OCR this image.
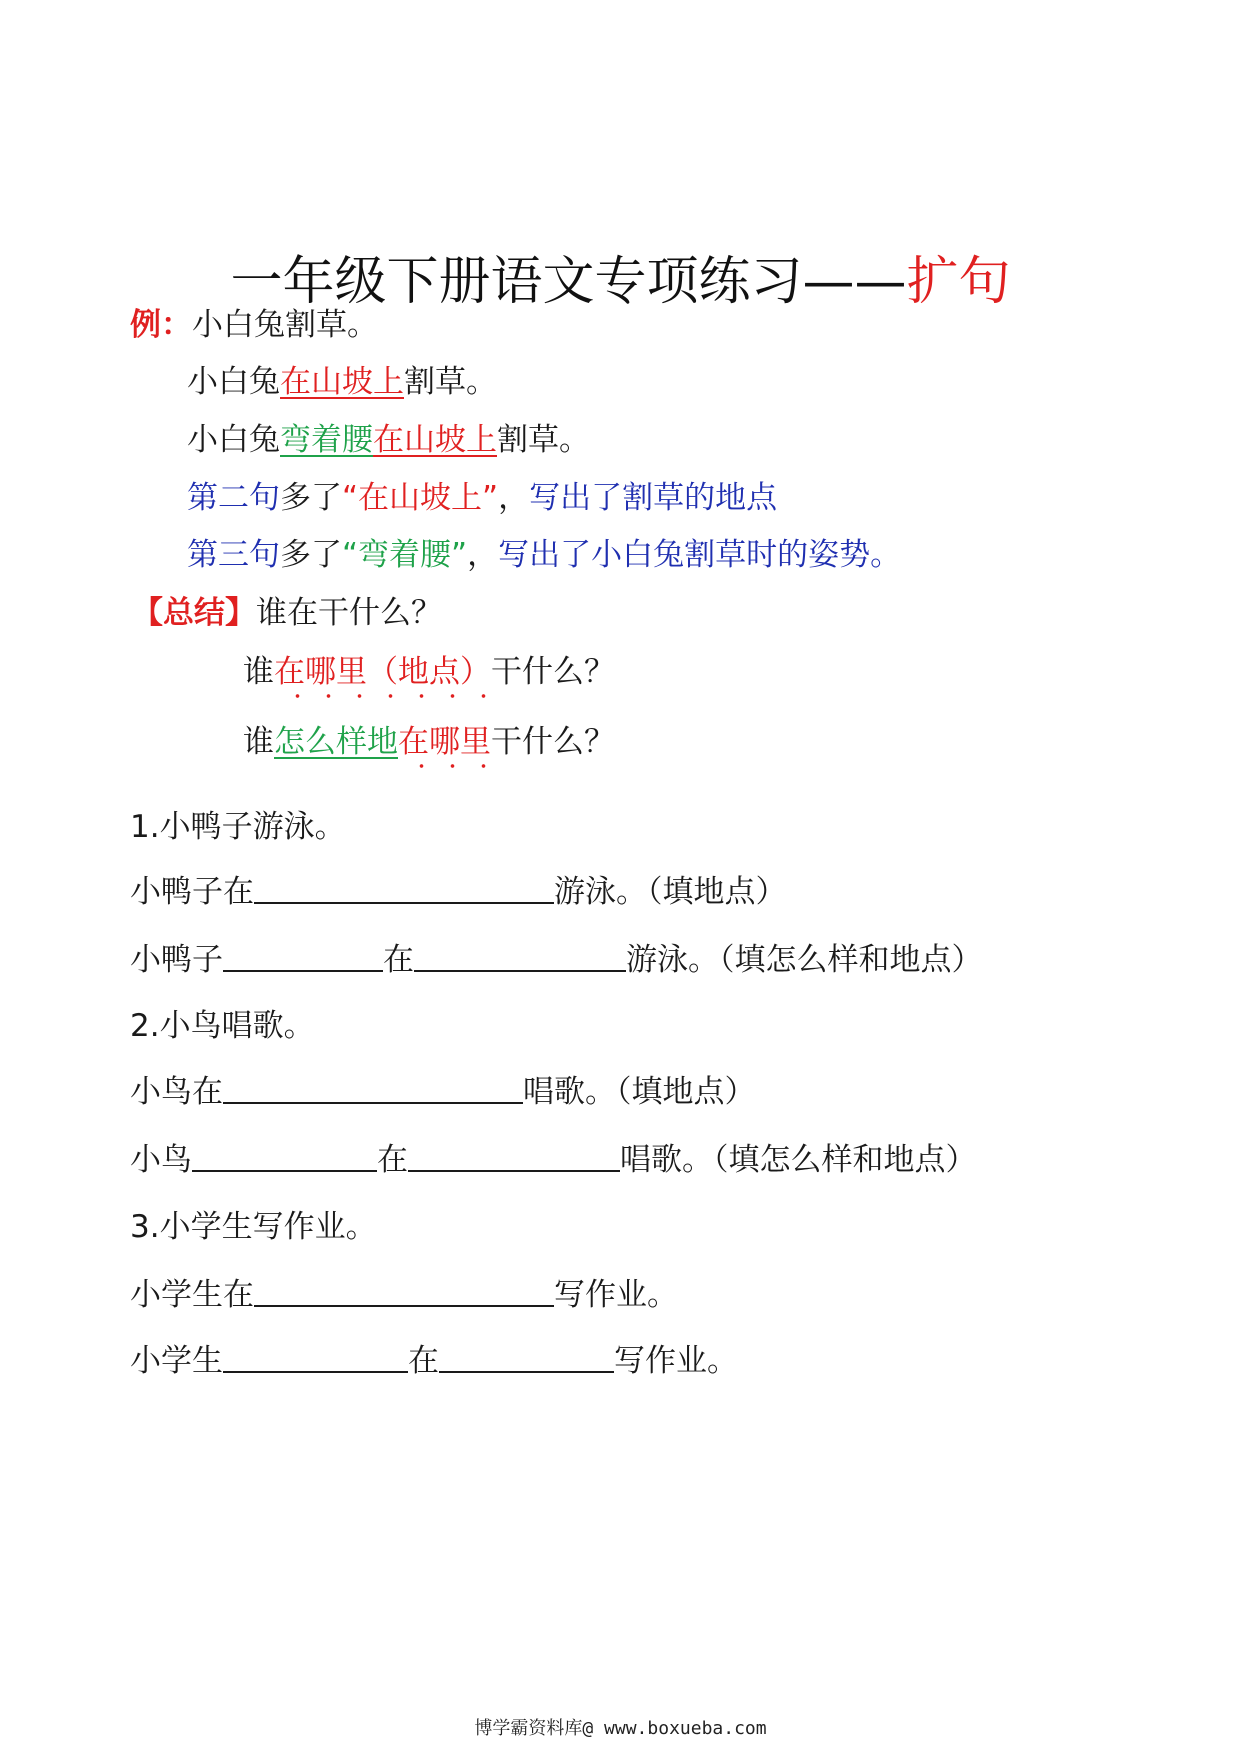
一年级下册语文专项练习——扩句
例：小白兔割草。
小白兔在山坡上割草。
小白兔弯着腰在山坡上割草。
第二句多了“在山坡上”，写出了割草的地点
第三句多了“弯着腰”，写出了小白兔割草时的姿势。
【总结】谁在干什么？
谁在哪里（地点）干什么？
谁怎么样地在哪里干什么？
1.小鸭子游泳。
小鸭子在	游泳。（填地点）
小鸭子	在	游泳。（填怎么样和地点）
2.小鸟唱歌。
小鸟在	唱歌。（填地点）
小鸟	在	唱歌。（填怎么样和地点）
3.小学生写作业。
小学生在	写作业。
小学生	在	写作业。
博学霸资料库@ www.boxueba.com
